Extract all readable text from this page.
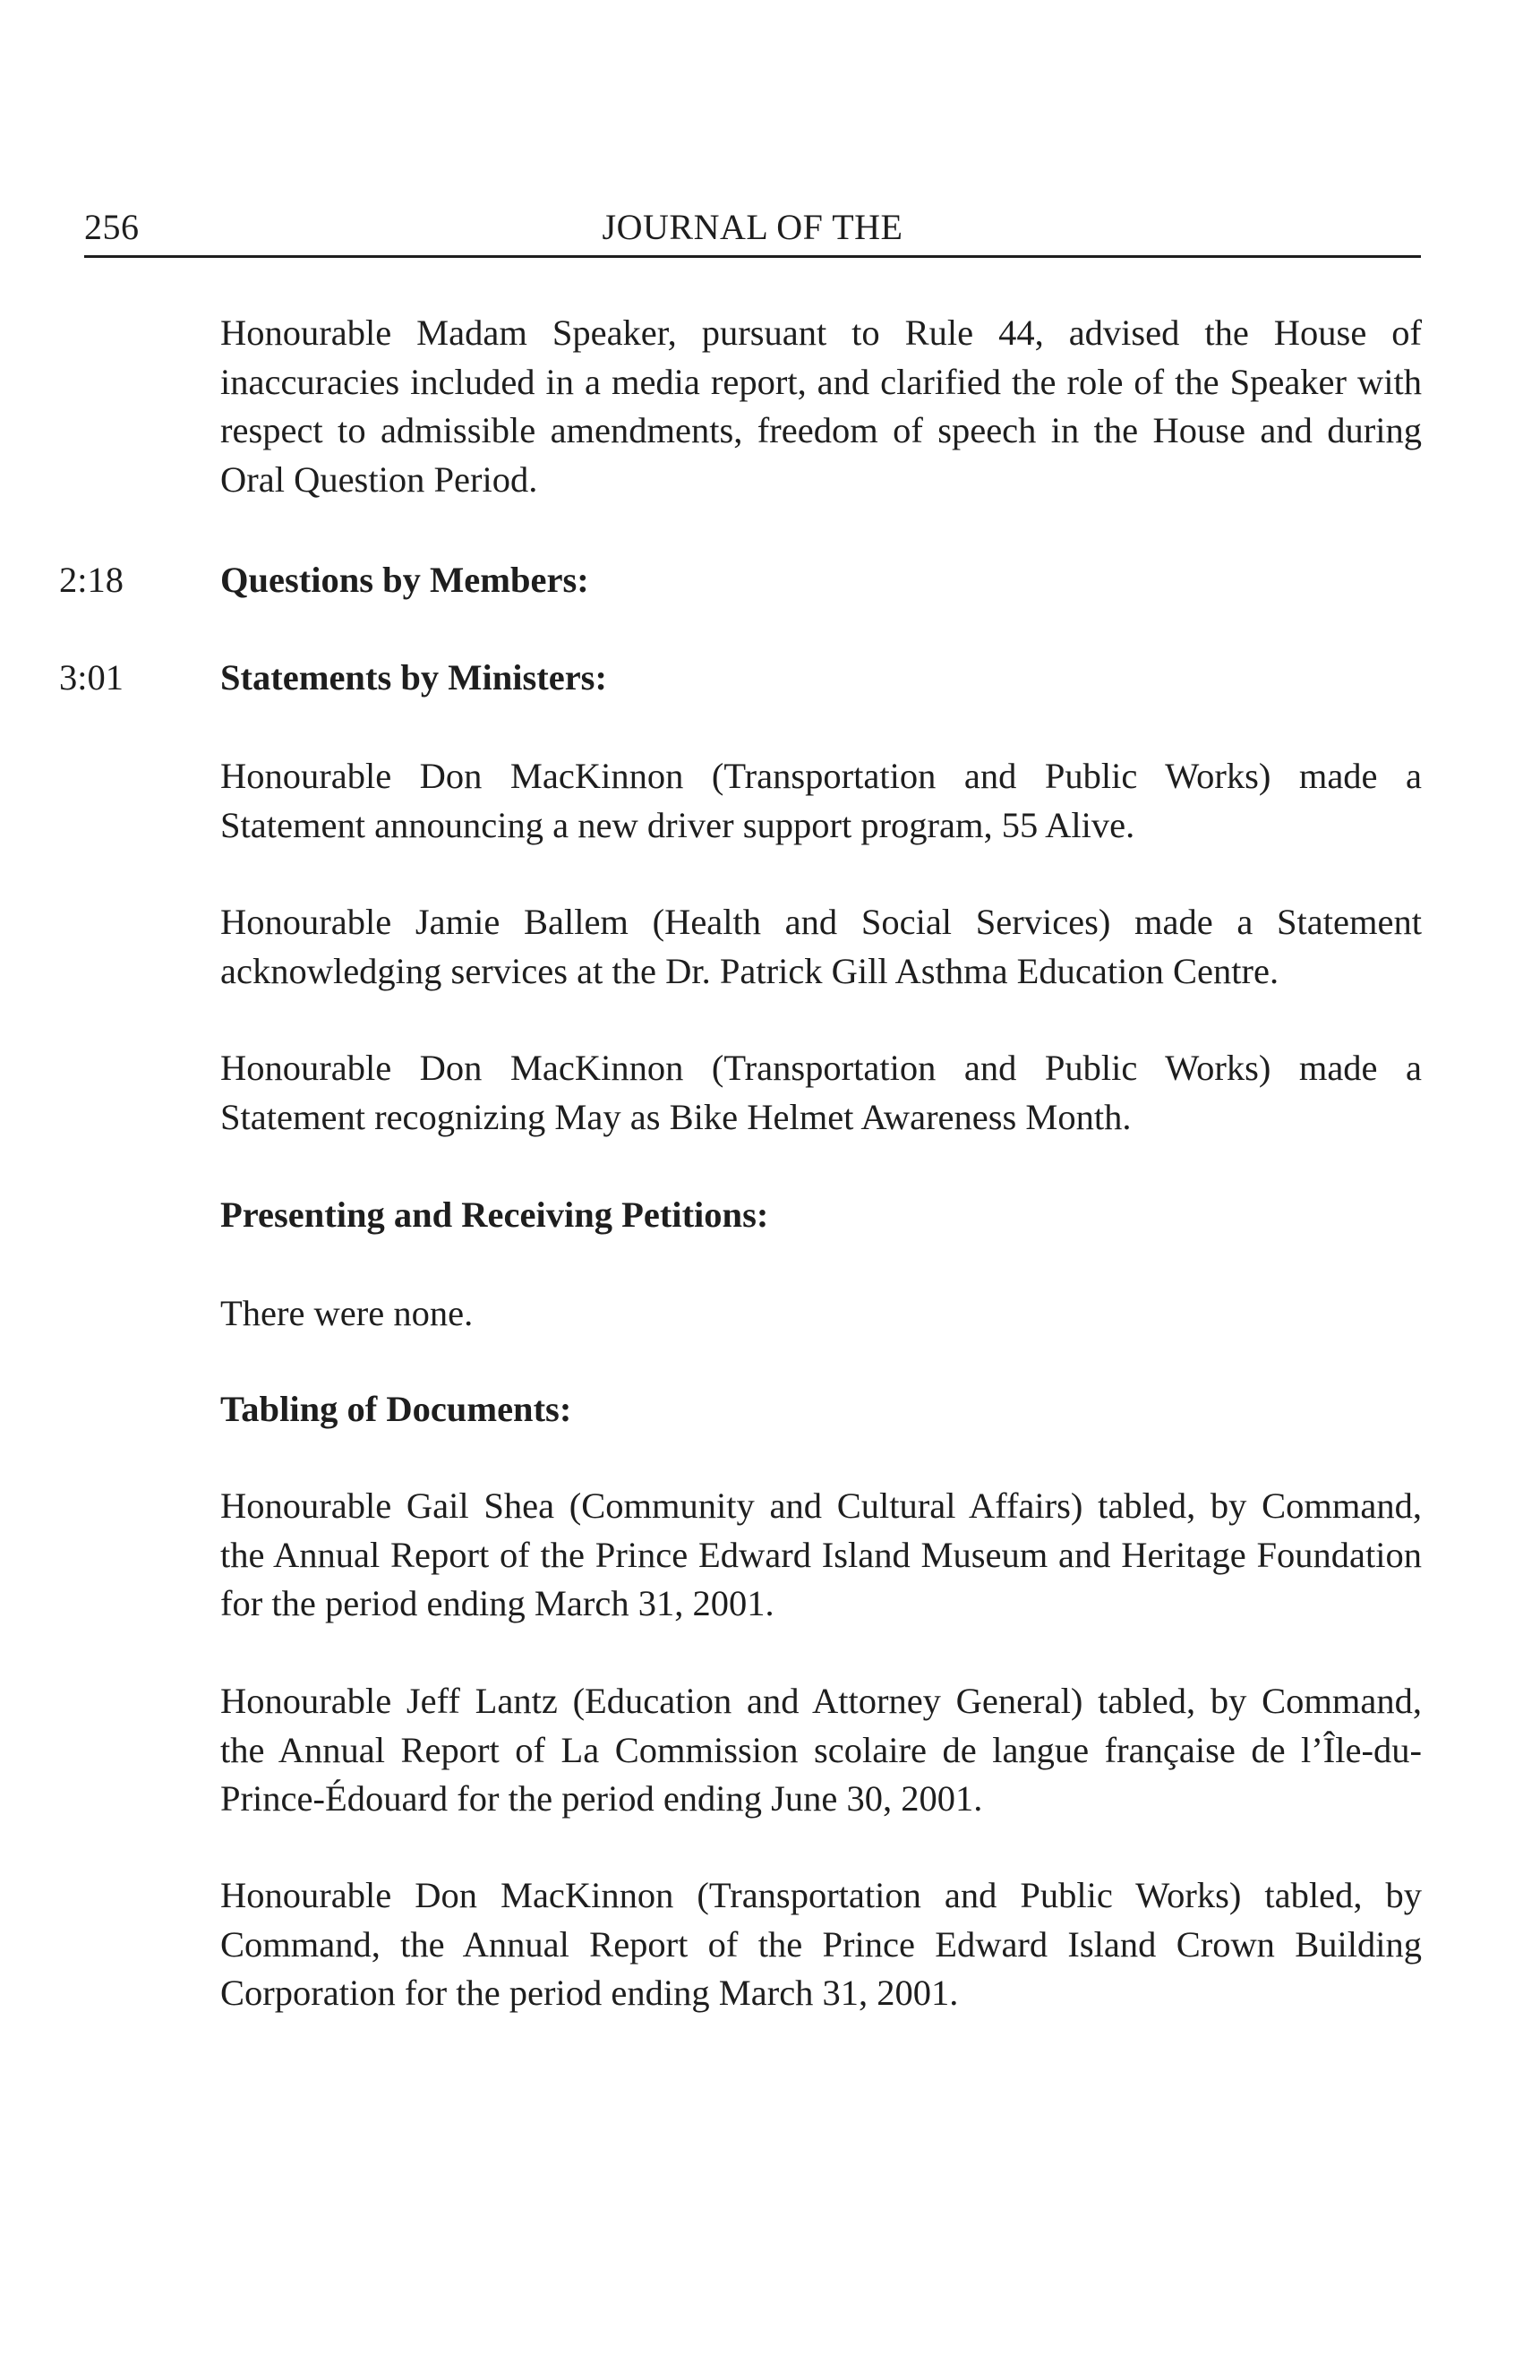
256	JOURNAL OF THE

Honourable Madam Speaker, pursuant to Rule 44, advised the House of inaccuracies included in a media report, and clarified the role of the Speaker with respect to admissible amendments, freedom of speech in the House and during Oral Question Period.

2:18	Questions by Members:

3:01	Statements by Ministers:

Honourable Don MacKinnon (Transportation and Public Works) made a Statement announcing a new driver support program, 55 Alive.

Honourable Jamie Ballem (Health and Social Services) made a Statement acknowledging services at the Dr. Patrick Gill Asthma Education Centre.

Honourable Don MacKinnon (Transportation and Public Works) made a Statement recognizing May as Bike Helmet Awareness Month.

Presenting and Receiving Petitions:

There were none.

Tabling of Documents:

Honourable Gail Shea (Community and Cultural Affairs) tabled, by Command, the Annual Report of the Prince Edward Island Museum and Heritage Foundation for the period ending March 31, 2001.

Honourable Jeff Lantz (Education and Attorney General) tabled, by Command, the Annual Report of La Commission scolaire de langue française de l’Île-du-Prince-Édouard for the period ending June 30, 2001.

Honourable Don MacKinnon (Transportation and Public Works) tabled, by Command, the Annual Report of the Prince Edward Island Crown Building Corporation for the period ending March 31, 2001.
